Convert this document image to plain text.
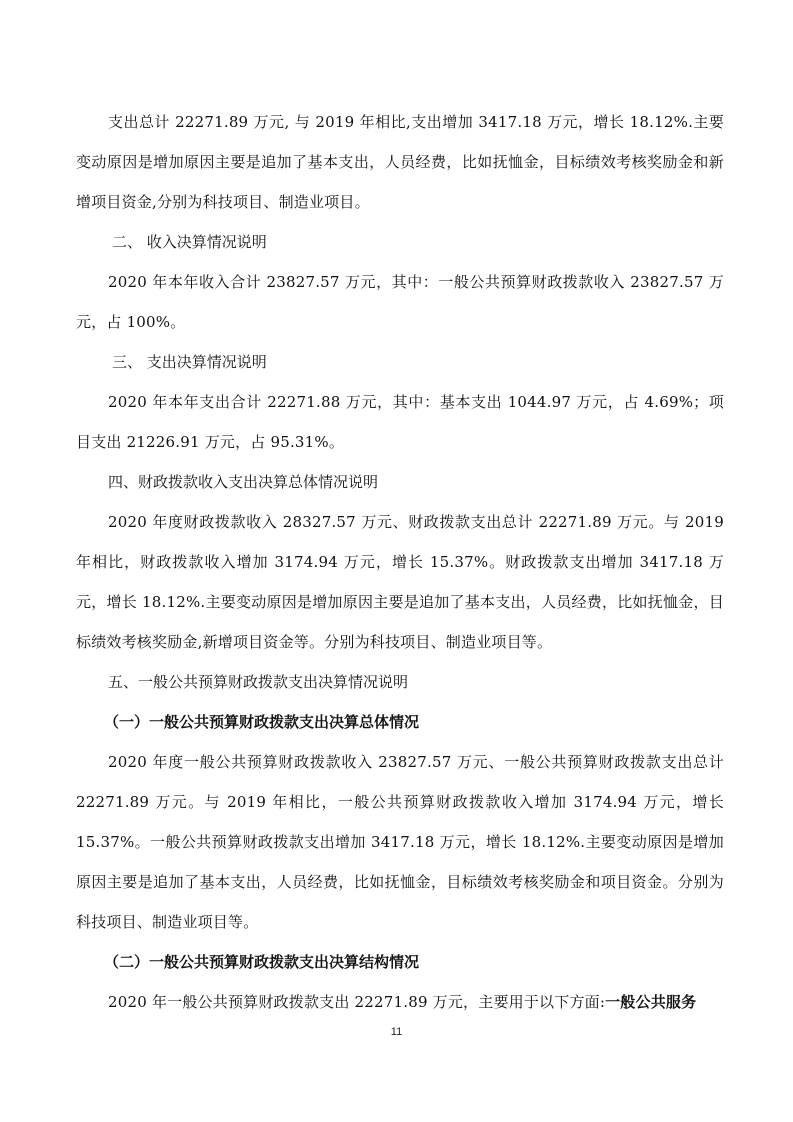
支出总计 22271.89 万元, 与 2019 年相比,支出增加 3417.18 万元，增长 18.12%.主要变动原因是增加原因主要是追加了基本支出，人员经费，比如抚恤金，目标绩效考核奖励金和新增项目资金,分别为科技项目、制造业项目。

二、 收入决算情况说明

2020 年本年收入合计 23827.57 万元，其中：一般公共预算财政拨款收入 23827.57 万元，占 100%。

三、 支出决算情况说明

2020 年本年支出合计 22271.88 万元，其中：基本支出 1044.97 万元，占 4.69%；项目支出 21226.91 万元，占 95.31%。

四、财政拨款收入支出决算总体情况说明

2020 年度财政拨款收入 28327.57 万元、财政拨款支出总计 22271.89 万元。与 2019 年相比，财政拨款收入增加 3174.94 万元，增长 15.37%。财政拨款支出增加 3417.18 万元，增长 18.12%.主要变动原因是增加原因主要是追加了基本支出，人员经费，比如抚恤金，目标绩效考核奖励金,新增项目资金等。分别为科技项目、制造业项目等。

五、一般公共预算财政拨款支出决算情况说明

（一）一般公共预算财政拨款支出决算总体情况

2020 年度一般公共预算财政拨款收入 23827.57 万元、一般公共预算财政拨款支出总计 22271.89 万元。与 2019 年相比，一般公共预算财政拨款收入增加 3174.94 万元，增长 15.37%。一般公共预算财政拨款支出增加 3417.18 万元，增长 18.12%.主要变动原因是增加原因主要是追加了基本支出，人员经费，比如抚恤金，目标绩效考核奖励金和项目资金。分别为科技项目、制造业项目等。

（二）一般公共预算财政拨款支出决算结构情况

2020 年一般公共预算财政拨款支出 22271.89 万元，主要用于以下方面:一般公共服务

11
